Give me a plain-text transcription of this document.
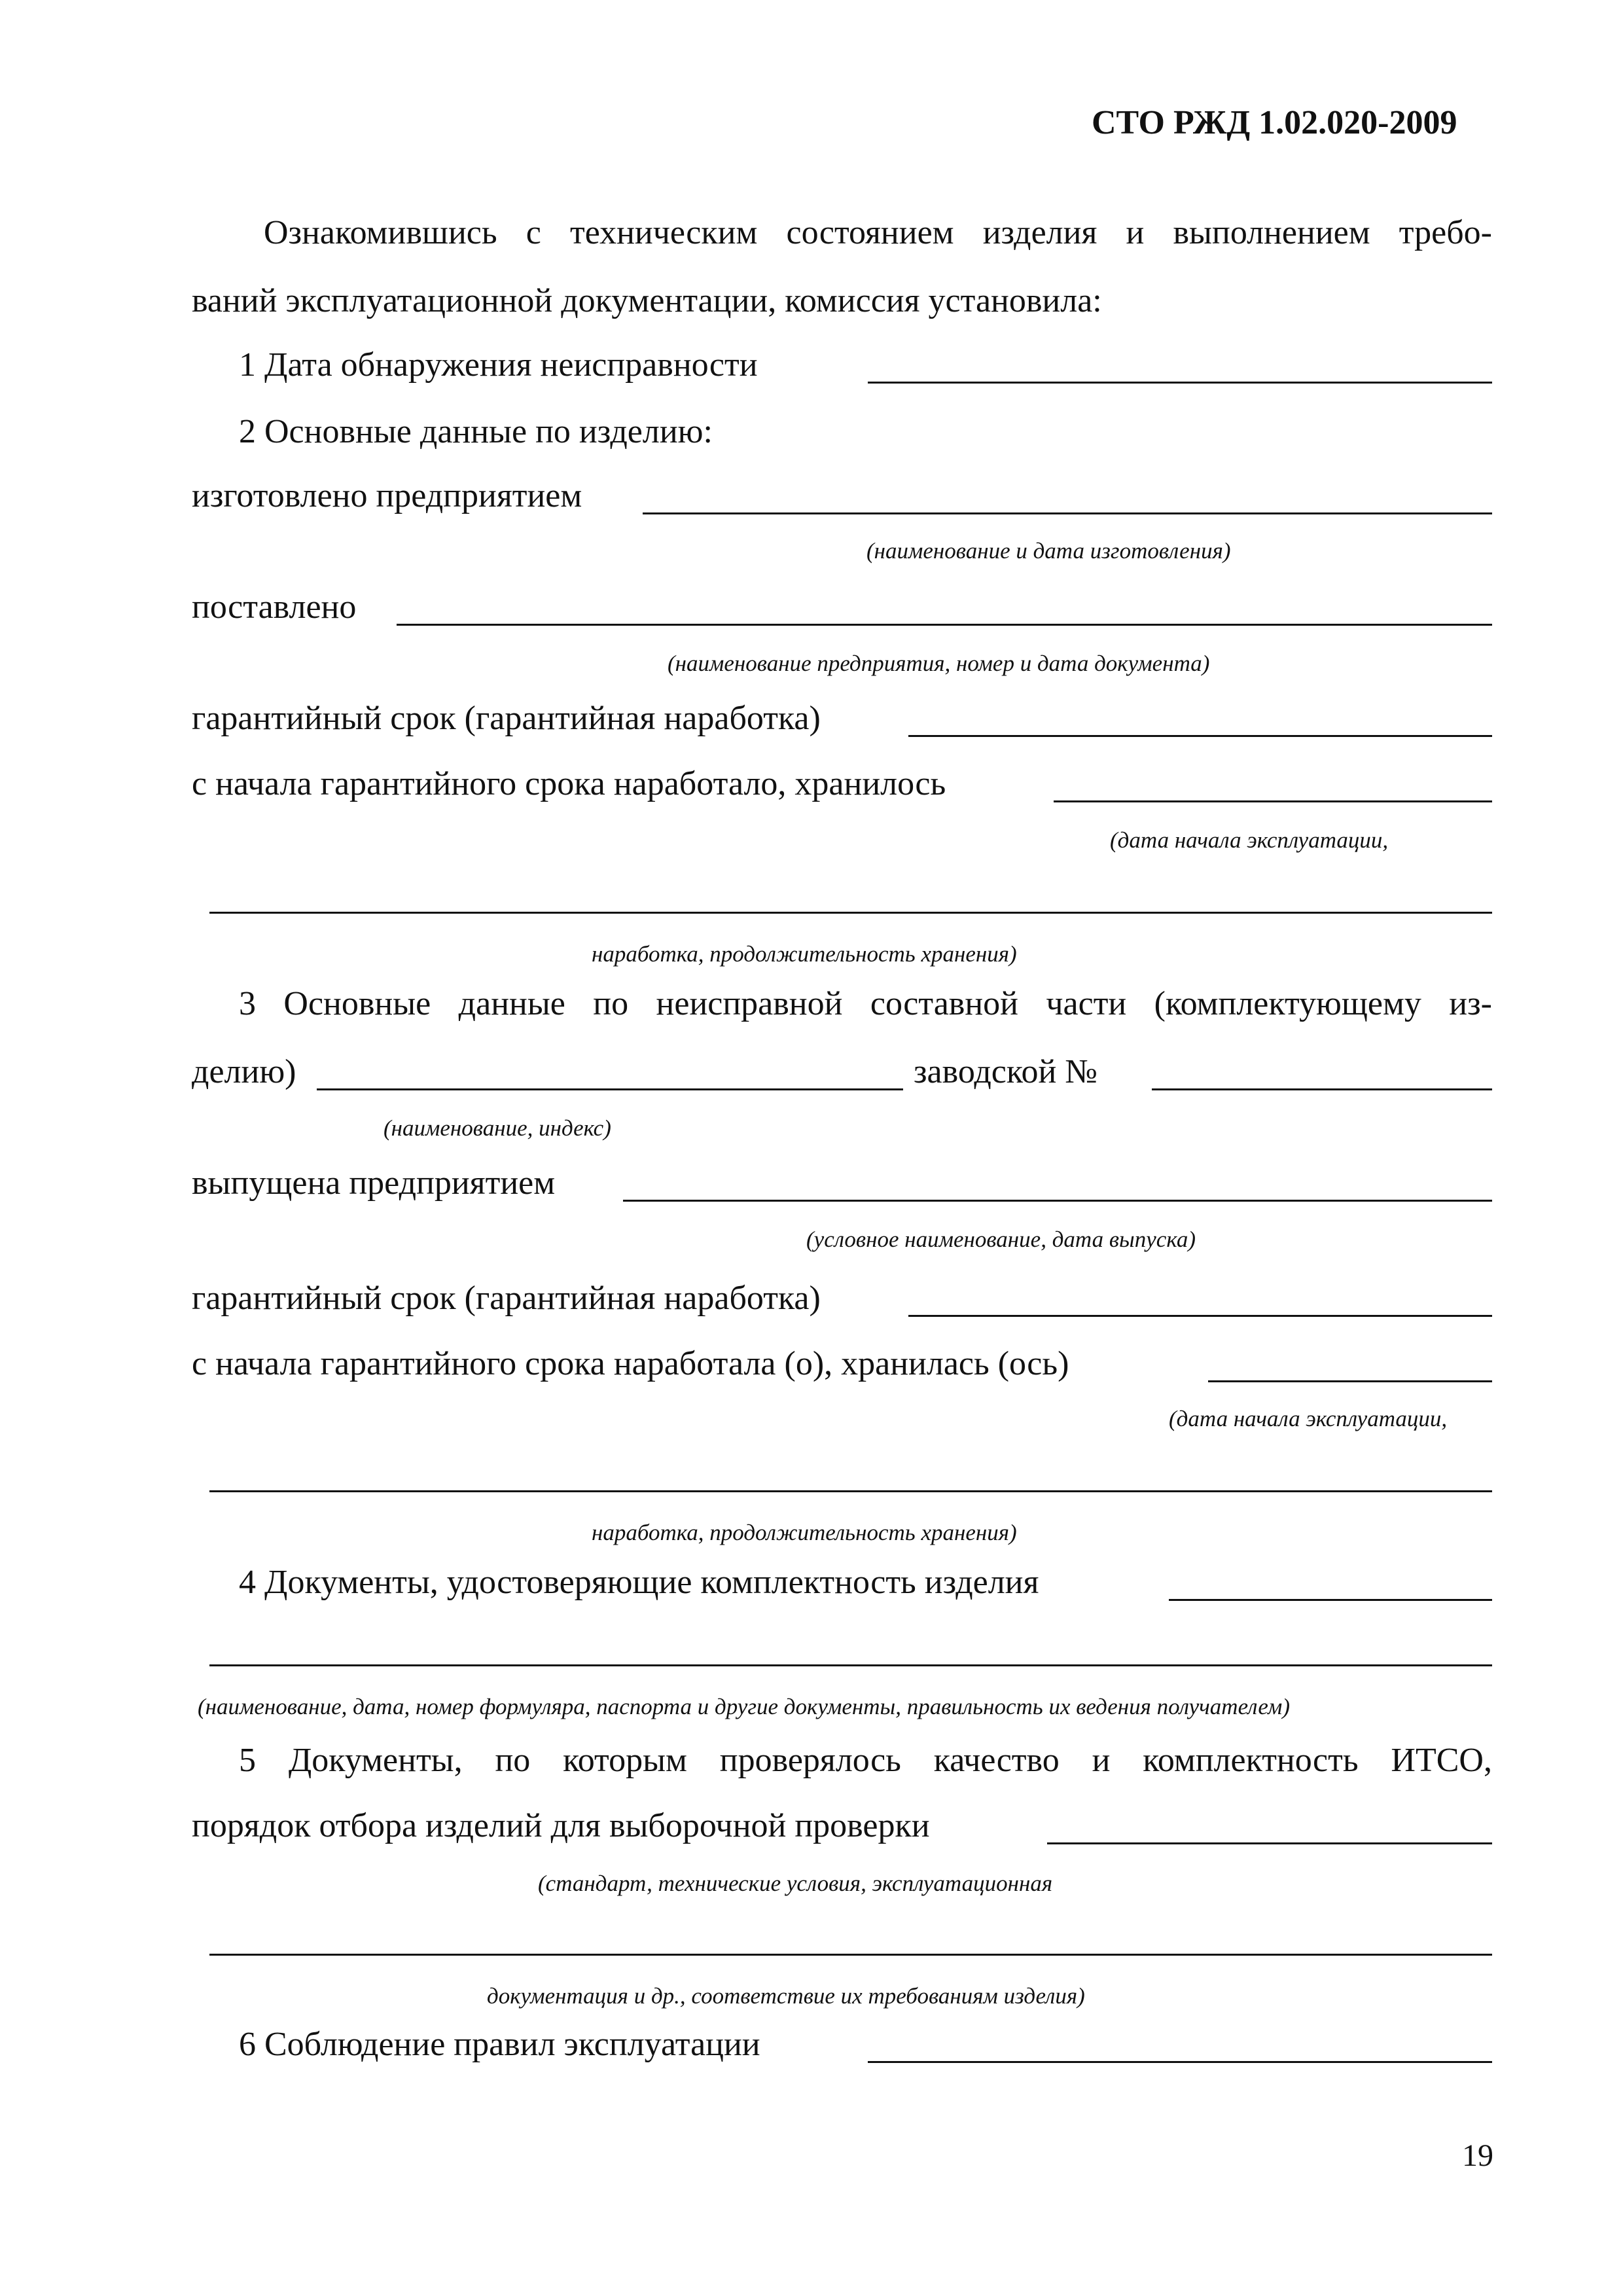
СТО РЖД 1.02.020-2009
Ознакомившись с техническим состоянием изделия и выполнением требо-
ваний эксплуатационной документации, комиссия установила:
1 Дата обнаружения неисправности
2 Основные данные по изделию:
изготовлено предприятием
(наименование и дата изготовления)
поставлено
(наименование предприятия, номер и дата документа)
гарантийный срок (гарантийная наработка)
с начала гарантийного срока наработало, хранилось
(дата начала эксплуатации,
наработка, продолжительность хранения)
3 Основные данные по неисправной составной части (комплектующему из-
делию)	заводской №
(наименование, индекс)
выпущена предприятием
(условное наименование, дата выпуска)
гарантийный срок (гарантийная наработка)
с начала гарантийного срока наработала (о), хранилась (ось)
(дата начала эксплуатации,
наработка, продолжительность хранения)
4 Документы, удостоверяющие комплектность изделия
(наименование, дата, номер формуляра, паспорта и другие документы, правильность их ведения получателем)
5 Документы, по которым проверялось качество и комплектность ИТСО,
порядок отбора изделий для выборочной проверки
(стандарт, технические условия, эксплуатационная
документация и др., соответствие их требованиям изделия)
6 Соблюдение правил эксплуатации
19
